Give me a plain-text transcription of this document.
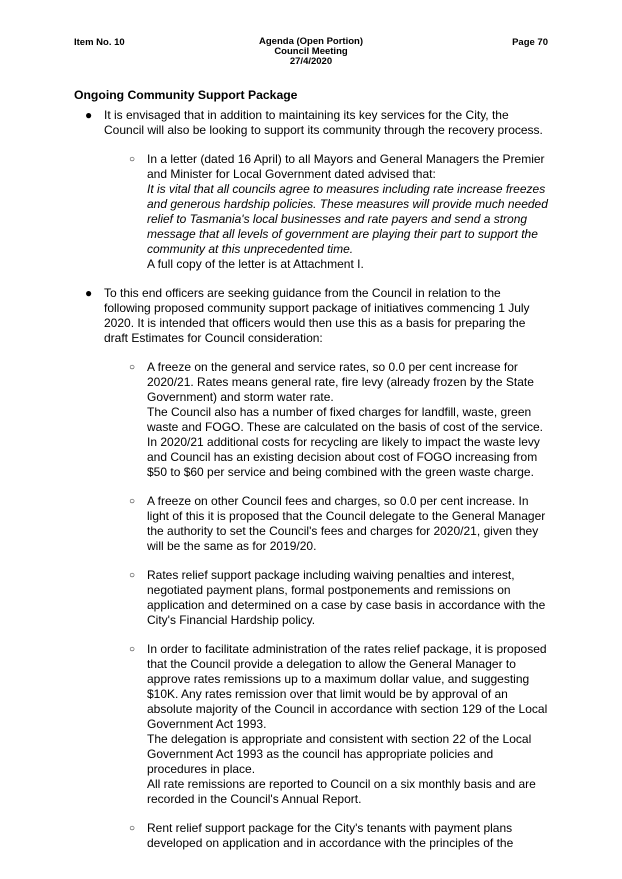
Item No. 10	Agenda (Open Portion)
Council Meeting
27/4/2020
Page 70
Ongoing Community Support Package
● It is envisaged that in addition to maintaining its key services for the City, the Council will also be looking to support its community through the recovery process.

○ In a letter (dated 16 April) to all Mayors and General Managers the Premier and Minister for Local Government dated advised that:

It is vital that all councils agree to measures including rate increase freezes and generous hardship policies. These measures will provide much needed relief to Tasmania's local businesses and rate payers and send a strong message that all levels of government are playing their part to support the community at this unprecedented time.

A full copy of the letter is at Attachment I.

● To this end officers are seeking guidance from the Council in relation to the following proposed community support package of initiatives commencing 1 July 2020. It is intended that officers would then use this as a basis for preparing the draft Estimates for Council consideration:

○ A freeze on the general and service rates, so 0.0 per cent increase for 2020/21. Rates means general rate, fire levy (already frozen by the State Government) and storm water rate.

The Council also has a number of fixed charges for landfill, waste, green waste and FOGO. These are calculated on the basis of cost of the service. In 2020/21 additional costs for recycling are likely to impact the waste levy and Council has an existing decision about cost of FOGO increasing from $50 to $60 per service and being combined with the green waste charge.

○ A freeze on other Council fees and charges, so 0.0 per cent increase. In light of this it is proposed that the Council delegate to the General Manager the authority to set the Council's fees and charges for 2020/21, given they will be the same as for 2019/20.

○ Rates relief support package including waiving penalties and interest, negotiated payment plans, formal postponements and remissions on application and determined on a case by case basis in accordance with the City's Financial Hardship policy.

○ In order to facilitate administration of the rates relief package, it is proposed that the Council provide a delegation to allow the General Manager to approve rates remissions up to a maximum dollar value, and suggesting $10K. Any rates remission over that limit would be by approval of an absolute majority of the Council in accordance with section 129 of the Local Government Act 1993.

The delegation is appropriate and consistent with section 22 of the Local Government Act 1993 as the council has appropriate policies and procedures in place.

All rate remissions are reported to Council on a six monthly basis and are recorded in the Council's Annual Report.

○ Rent relief support package for the City's tenants with payment plans developed on application and in accordance with the principles of the
